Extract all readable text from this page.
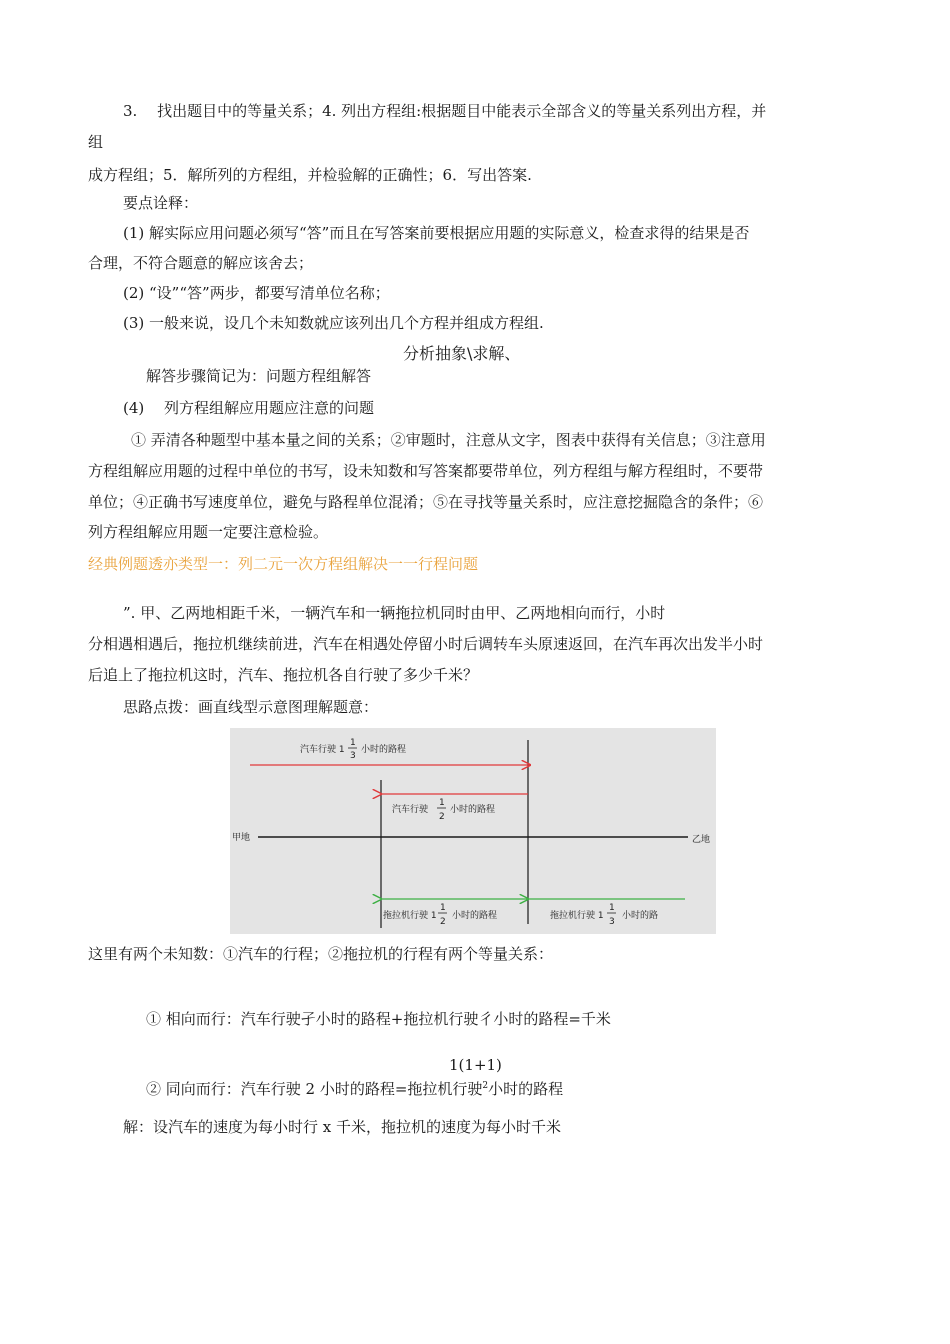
3.　 找出题目中的等量关系；4. 列出方程组:根据题目中能表示全部含义的等量关系列出方程，并
组
成方程组；5．解所列的方程组，并检验解的正确性；6．写出答案.
要点诠释：
(1) 解实际应用问题必须写“答”而且在写答案前要根据应用题的实际意义，检查求得的结果是否
合理，不符合题意的解应该舍去；
(2) “设”“答”两步，都要写清单位名称；
(3) 一般来说，设几个未知数就应该列出几个方程并组成方程组.
分析抽象\求解、
解答步骤简记为：问题方程组解答
(4)　 列方程组解应用题应注意的问题
① 弄清各种题型中基本量之间的关系；②审题时，注意从文字，图表中获得有关信息；③注意用
方程组解应用题的过程中单位的书写，设未知数和写答案都要带单位，列方程组与解方程组时，不要带
单位；④正确书写速度单位，避免与路程单位混淆；⑤在寻找等量关系时，应注意挖掘隐含的条件；⑥
列方程组解应用题一定要注意检验。
经典例题透亦类型一：列二元一次方程组解决一一行程问题
”. 甲、乙两地相距千米，一辆汽车和一辆拖拉机同时由甲、乙两地相向而行，小时
分相遇相遇后，拖拉机继续前进，汽车在相遇处停留小时后调转车头原速返回，在汽车再次出发半小时
后追上了拖拉机这时，汽车、拖拉机各自行驶了多少千米？
思路点拨：画直线型示意图理解题意：
汽车行驶 1
1
3
小时的路程
汽车行驶
1
2
小时的路程
甲地	乙地
拖拉机行驶 1
1
2
小时的路程	拖拉机行驶 1
1
3
小时的路
这里有两个未知数：①汽车的行程；②拖拉机的行程有两个等量关系：
① 相向而行：汽车行驶孑小时的路程+拖拉机行驶彳小时的路程=千米
1(1+1)
② 同向而行：汽车行驶 2 小时的路程=拖拉机行驶$^2$小时的路程
解：设汽车的速度为每小时行 x 千米，拖拉机的速度为每小时千米
